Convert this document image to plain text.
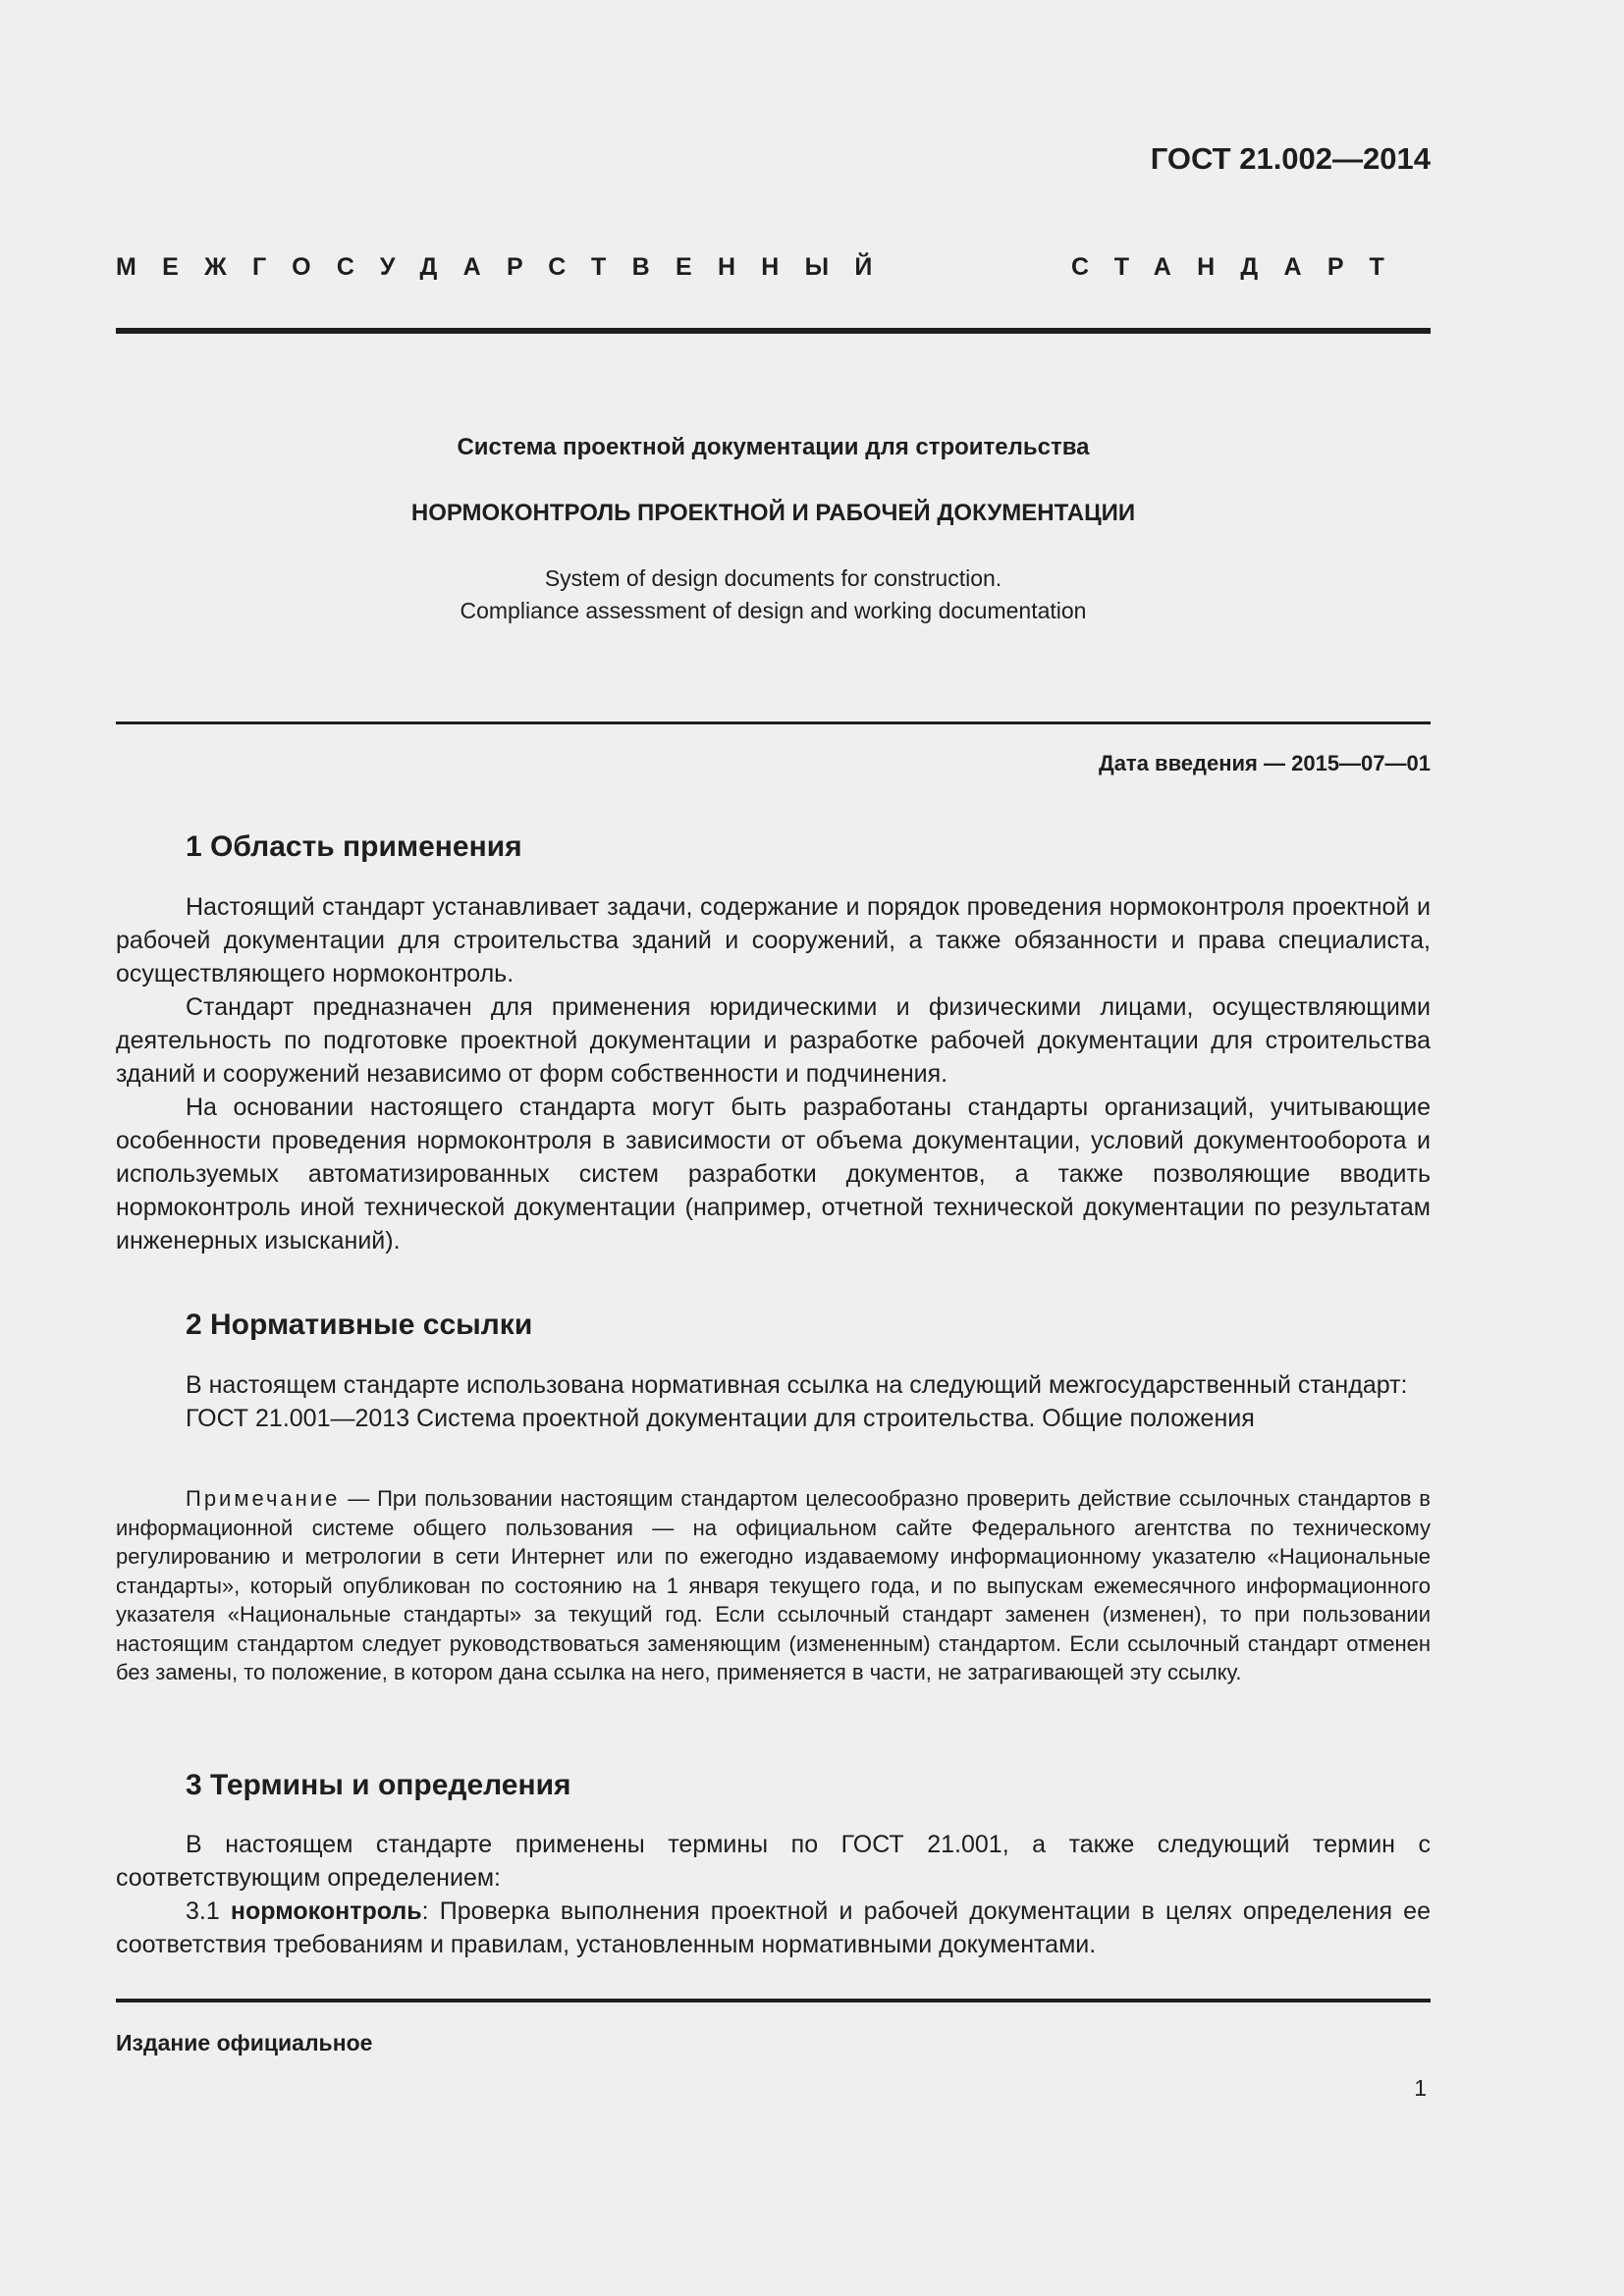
ГОСТ 21.002—2014
МЕЖГОСУДАРСТВЕННЫЙ	СТАНДАРТ
Система проектной документации для строительства
НОРМОКОНТРОЛЬ ПРОЕКТНОЙ И РАБОЧЕЙ ДОКУМЕНТАЦИИ
System of design documents for construction.
Compliance assessment of design and working documentation
Дата введения — 2015—07—01
1 Область применения

Настоящий стандарт устанавливает задачи, содержание и порядок проведения нормоконтроля проектной и рабочей документации для строительства зданий и сооружений, а также обязанности и права специалиста, осуществляющего нормоконтроль.

Стандарт предназначен для применения юридическими и физическими лицами, осуществляющими деятельность по подготовке проектной документации и разработке рабочей документации для строительства зданий и сооружений независимо от форм собственности и подчинения.

На основании настоящего стандарта могут быть разработаны стандарты организаций, учитывающие особенности проведения нормоконтроля в зависимости от объема документации, условий документооборота и используемых автоматизированных систем разработки документов, а также позволяющие вводить нормоконтроль иной технической документации (например, отчетной технической документации по результатам инженерных изысканий).

2 Нормативные ссылки

В настоящем стандарте использована нормативная ссылка на следующий межгосударственный стандарт:

ГОСТ 21.001—2013 Система проектной документации для строительства. Общие положения

Примечание — При пользовании настоящим стандартом целесообразно проверить действие ссылочных стандартов в информационной системе общего пользования — на официальном сайте Федерального агентства по техническому регулированию и метрологии в сети Интернет или по ежегодно издаваемому информационному указателю «Национальные стандарты», который опубликован по состоянию на 1 января текущего года, и по выпускам ежемесячного информационного указателя «Национальные стандарты» за текущий год. Если ссылочный стандарт заменен (изменен), то при пользовании настоящим стандартом следует руководствоваться заменяющим (измененным) стандартом. Если ссылочный стандарт отменен без замены, то положение, в котором дана ссылка на него, применяется в части, не затрагивающей эту ссылку.

3 Термины и определения

В настоящем стандарте применены термины по ГОСТ 21.001, а также следующий термин с соответствующим определением:

3.1 нормоконтроль: Проверка выполнения проектной и рабочей документации в целях определения ее соответствия требованиям и правилам, установленным нормативными документами.

Издание официальное
1
